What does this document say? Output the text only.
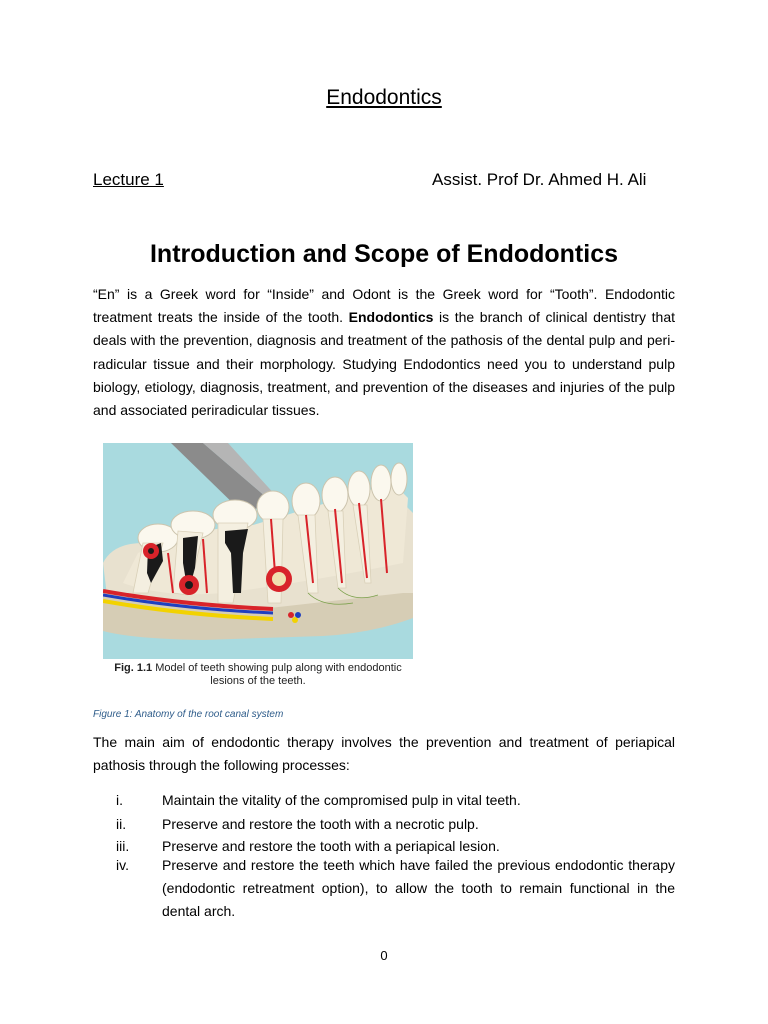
Endodontics
Lecture 1	Assist. Prof Dr. Ahmed H. Ali
Introduction and Scope of Endodontics

“En” is a Greek word for “Inside” and Odont is the Greek word for “Tooth”. Endodontic treatment treats the inside of the tooth. Endodontics is the branch of clinical dentistry that deals with the prevention, diagnosis and treatment of the pathosis of the dental pulp and peri-radicular tissue and their morphology. Studying Endodontics need you to understand pulp biology, etiology, diagnosis, treatment, and prevention of the diseases and injuries of the pulp and associated periradicular tissues.

Fig. 1.1 Model of teeth showing pulp along with endodontic lesions of the teeth.
Figure 1: Anatomy of the root canal system

The main aim of endodontic therapy involves the prevention and treatment of periapical pathosis through the following processes:

i.	Maintain the vitality of the compromised pulp in vital teeth.
ii.	Preserve and restore the tooth with a necrotic pulp.
iii. Preserve and restore the tooth with a periapical lesion.
iv. Preserve and restore the teeth which have failed the previous endodontic therapy (endodontic retreatment option), to allow the tooth to remain functional in the dental arch.
0
